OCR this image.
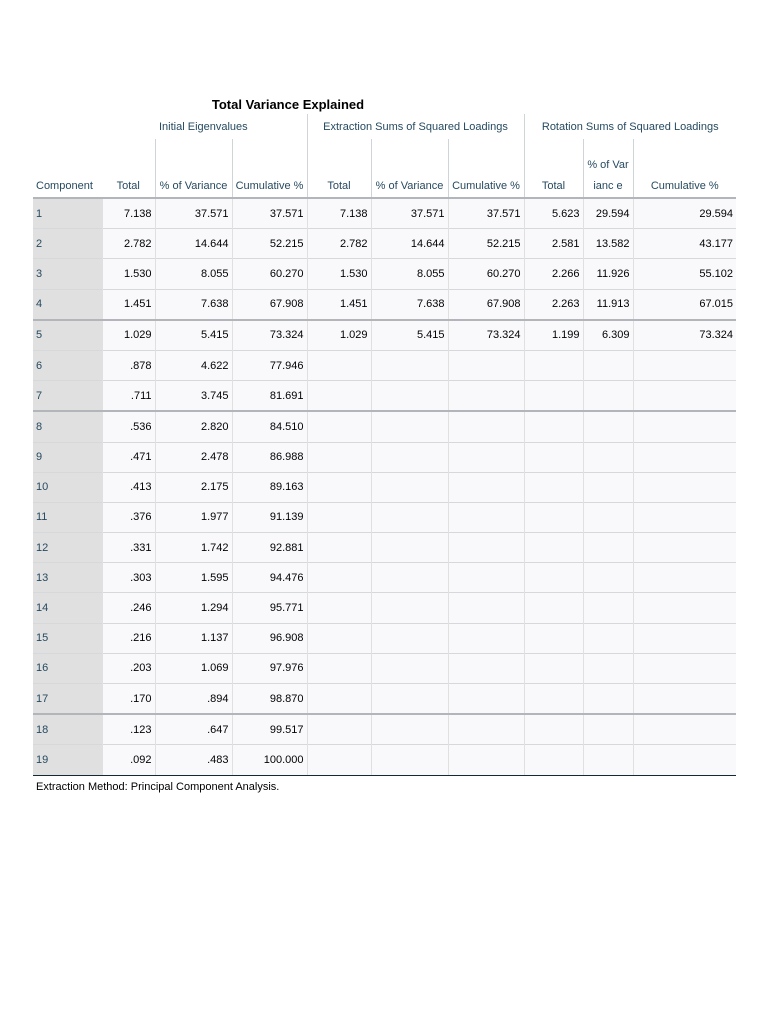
Total Variance Explained
		Initial Eigenvalues		Extraction Sums of Squared Loadings			Rotation Sums of Squared Loadings		
Component	Total	% of Variance	Cumulative %	Total	% of Variance	Cumulative %	Total	% of Varianc e	Cumulative %
1	7.138	37.571	37.571	7.138	37.571	37.571	5.623	29.594	29.594
2	2.782	14.644	52.215	2.782	14.644	52.215	2.581	13.582	43.177
3	1.530	8.055	60.270	1.530	8.055	60.270	2.266	11.926	55.102
4	1.451	7.638	67.908	1.451	7.638	67.908	2.263	11.913	67.015
5	1.029	5.415	73.324	1.029	5.415	73.324	1.199	6.309	73.324
6	.878	4.622	77.946						
7	.711	3.745	81.691						
8	.536	2.820	84.510						
9	.471	2.478	86.988						
10	.413	2.175	89.163						
11	.376	1.977	91.139						
12	.331	1.742	92.881						
13	.303	1.595	94.476						
14	.246	1.294	95.771						
15	.216	1.137	96.908						
16	.203	1.069	97.976						
17	.170	.894	98.870						
18	.123	.647	99.517						
19	.092	.483	100.000						
Extraction Method: Principal Component Analysis.
